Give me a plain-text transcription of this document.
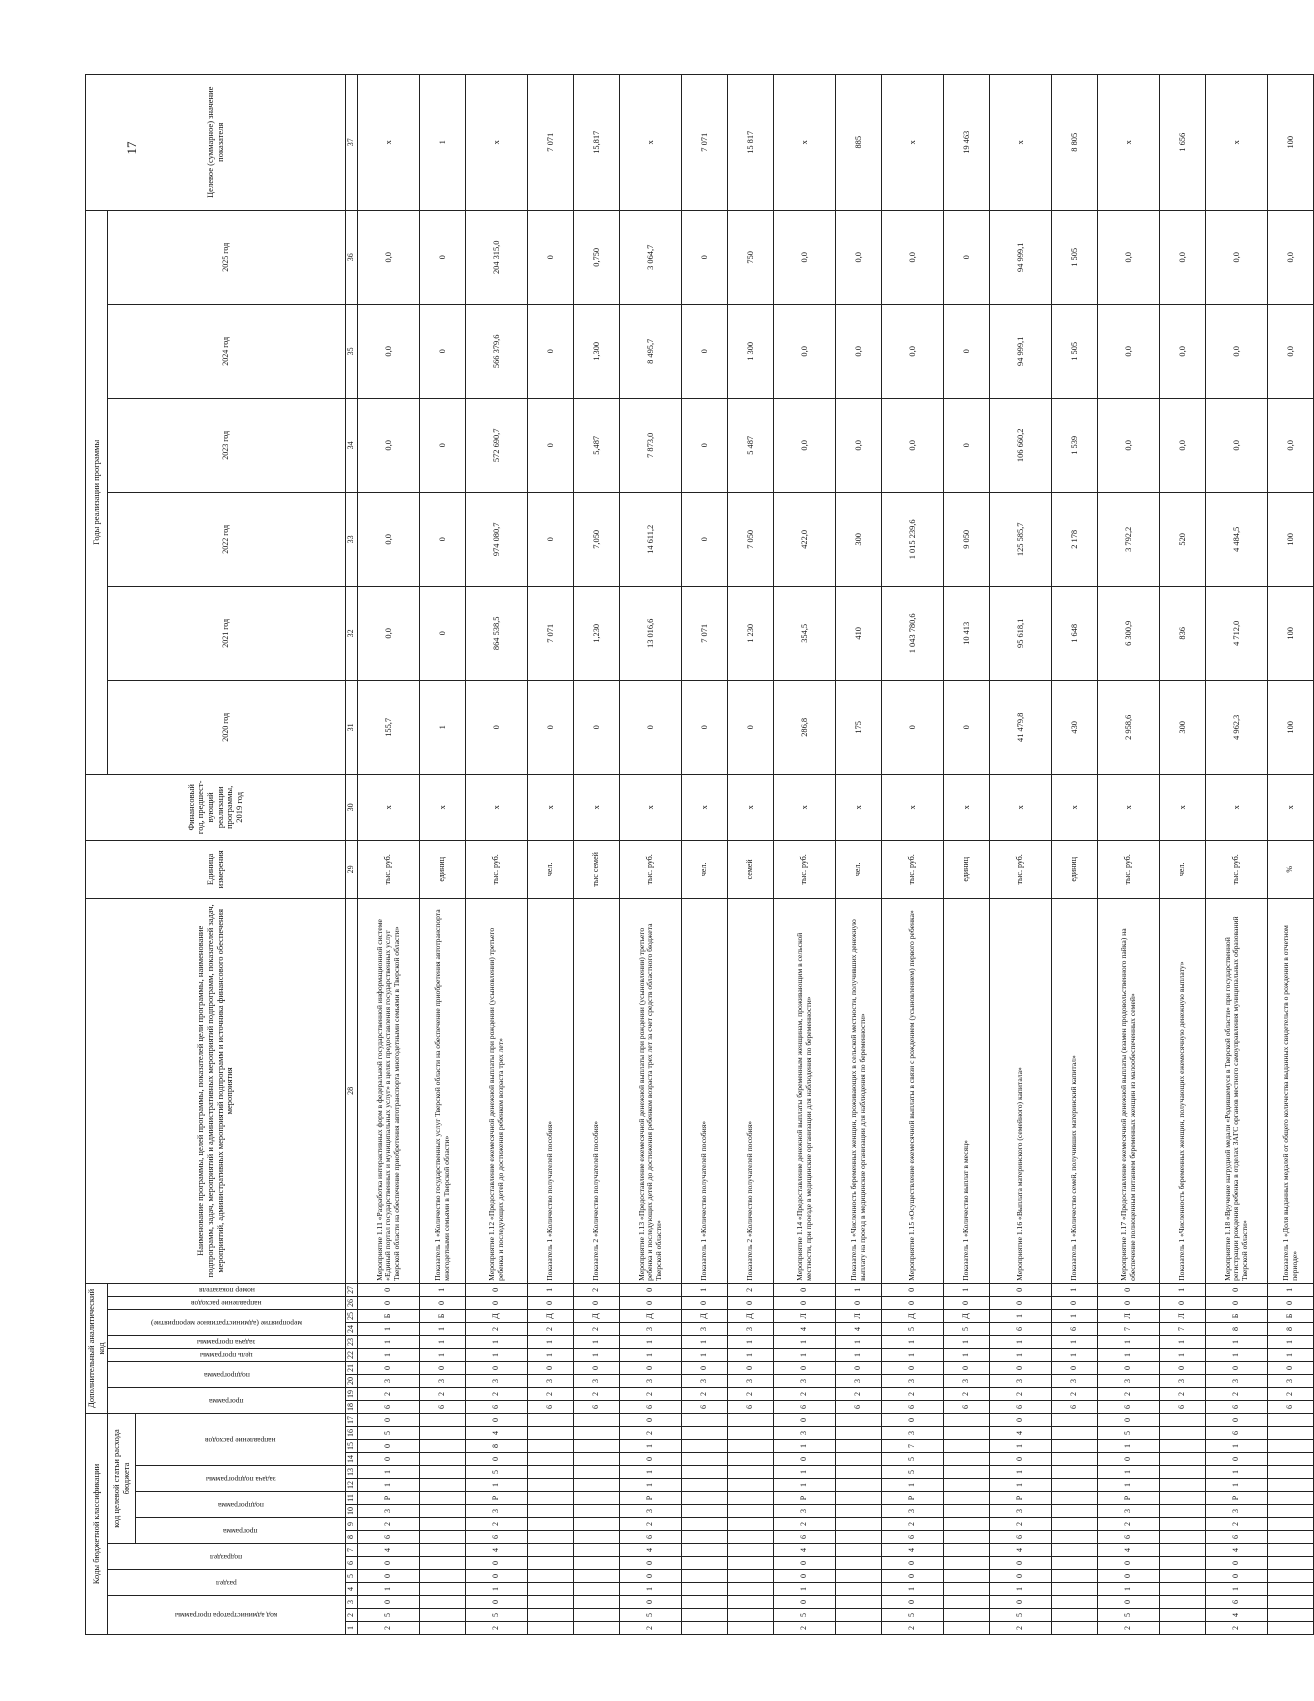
17
Коды бюджетной классификации																	Дополнительный аналитический код										Наименование программы, целей программы, показателей цели программы, наименование подпрограмм, задач, мероприятий и административных мероприятий подпрограмм, показателей задач, мероприятий, административных мероприятий подпрограмм и источника финансового обеспечения мероприятия	Единица измерения	Финансовый год, предшест-вующий реализации программы, 2019 год	Годы реализации программы						Целевое (суммарное) значение показателя

код администратора программы			раздел		подраздел		код целевой статьи расхода бюджета										программа		подпрограмма		цель программы	задача программы	мероприятие (административное мероприятие)		направление расходов	номер показателя				2020 год	2021 год	2022 год	2023 год	2024 год	2025 год	

							программа		подпрограмма		задача подпрограммы		направление расходов																							

1	2	3	4	5	6	7	8	9	10	11	12	13	14	15	16	17	18	19	20	21	22	23	24	25	26	27	28	29	30	31	32	33	34	35	36	37
2	5	0	1	0	0	4	6	2	3	Р	1	1	0	0	5	0	6	2	3	0	1	1	1	Б	0	0	Мероприятие 1.11 «Разработка интерактивных форм в федеральной государственной информационной системе «Единый портал государственных и муниципальных услуг» в целях предоставления государственных услуг Тверской области на обеспечение приобретения автотранспорта многодетными семьями в Тверской области»	тыс. руб.	х	155,7	0,0	0,0	0,0	0,0	0,0	х
																	6	2	3	0	1	1	1	Б	0	1	Показатель 1 «Количество государственных услуг Тверской области на обеспечение приобретения автотранспорта многодетными семьями в Тверской области»	единиц	х	1	0	0	0	0	0	1
2	5	0	1	0	0	4	6	2	3	Р	1	5	0	8	4	0	6	2	3	0	1	1	2	Д	0	0	Мероприятие 1.12 «Предоставление ежемесячной денежной выплаты при рождении (усыновлении) третьего ребенка и последующих детей до достижения ребенком возраста трех лет»	тыс. руб.	х	0	864 538,5	974 080,7	572 690,7	566 379,6	204 315,0	х
																	6	2	3	0	1	1	2	Д	0	1	Показатель 1 «Количество получателей пособия»	чел.	х	0	7 071	0	0	0	0	7 071
																	6	2	3	0	1	1	2	Д	0	2	Показатель 2 «Количество получателей пособия»	тыс семей	х	0	1,230	7,050	5,487	1,300	0,750	15,817
2	5	0	1	0	0	4	6	2	3	Р	1	1	0	1	2	0	6	2	3	0	1	1	3	Д	0	0	Мероприятие 1.13 «Предоставление ежемесячной денежной выплаты при рождении (усыновлении) третьего ребенка и последующих детей до достижения ребенком возраста трех лет за счет средств областного бюджета Тверской области»	тыс. руб.	х	0	13 016,6	14 611,2	7 873,0	8 495,7	3 064,7	х
																	6	2	3	0	1	1	3	Д	0	1	Показатель 1 «Количество получателей пособия»	чел.	х	0	7 071	0	0	0	0	7 071
																	6	2	3	0	1	1	3	Д	0	2	Показатель 2 «Количество получателей пособия»	семей	х	0	1 230	7 050	5 487	1 300	750	15 817
2	5	0	1	0	0	4	6	2	3	Р	1	1	0	1	3	0	6	2	3	0	1	1	4	Л	0	0	Мероприятие 1.14 «Предоставление денежной выплаты беременным женщинам, проживающим в сельской местности, при проезде в медицинские организации для наблюдения по беременности»	тыс. руб.	х	286,8	354,5	422,0	0,0	0,0	0,0	х
																	6	2	3	0	1	1	4	Л	0	1	Показатель 1 «Численность беременных женщин, проживающих в сельской местности, получивших денежную выплату на проезд в медицинские организации для наблюдения по беременности»	чел.	х	175	410	300	0,0	0,0	0,0	885
2	5	0	1	0	0	4	6	2	3	Р	1	5	5	7	3	0	6	2	3	0	1	1	5	Д	0	0	Мероприятие 1.15 «Осуществление ежемесячной выплаты в связи с рождением (усыновлением) первого ребенка»	тыс. руб.	х	0	1 043 780,6	1 015 239,6	0,0	0,0	0,0	х
																	6	2	3	0	1	1	5	Д	0	1	Показатель 1 «Количество выплат в месяц»	единиц	х	0	10 413	9 050	0	0	0	19 463
2	5	0	1	0	0	4	6	2	3	Р	1	1	0	1	4	0	6	2	3	0	1	1	6	1	0	0	Мероприятие 1.16 «Выплата материнского (семейного) капитала»	тыс. руб.	х	41 479,8	95 618,1	125 585,7	106 660,2	94 999,1	94 999,1	х
																	6	2	3	0	1	1	6	1	0	1	Показатель 1 «Количество семей, получивших материнский капитал»	единиц	х	430	1 648	2 178	1 539	1 505	1 505	8 805
2	5	0	1	0	0	4	6	2	3	Р	1	1	0	1	5	0	6	2	3	0	1	1	7	Л	0	0	Мероприятие 1.17 «Предоставление ежемесячной денежной выплаты (взамен продовольственного пайка) на обеспечение полноценным питанием беременных женщин из малообеспеченных семей»	тыс. руб.	х	2 958,6	6 300,9	3 792,2	0,0	0,0	0,0	х
																	6	2	3	0	1	1	7	Л	0	1	Показатель 1 «Численность беременных женщин, получающих ежемесячную денежную выплату»	чел.	х	300	836	520	0,0	0,0	0,0	1 656
2	4	6	1	0	0	4	6	2	3	Р	1	1	0	1	6	0	6	2	3	0	1	1	8	Б	0	0	Мероприятие 1.18 «Вручение нагрудной медали «Родившемуся в Тверской области» при государственной регистрации рождения ребенка в отделах ЗАГС органов местного самоуправления муниципальных образований Тверской области»	тыс. руб.	х	4 962,3	4 712,0	4 484,5	0,0	0,0	0,0	х
																	6	2	3	0	1	1	8	Б	0	1	Показатель 1 «Доля выданных медалей от общего количества выданных свидетельств о рождении в отчетном периоде»	%	х	100	100	100	0,0	0,0	0,0	100
